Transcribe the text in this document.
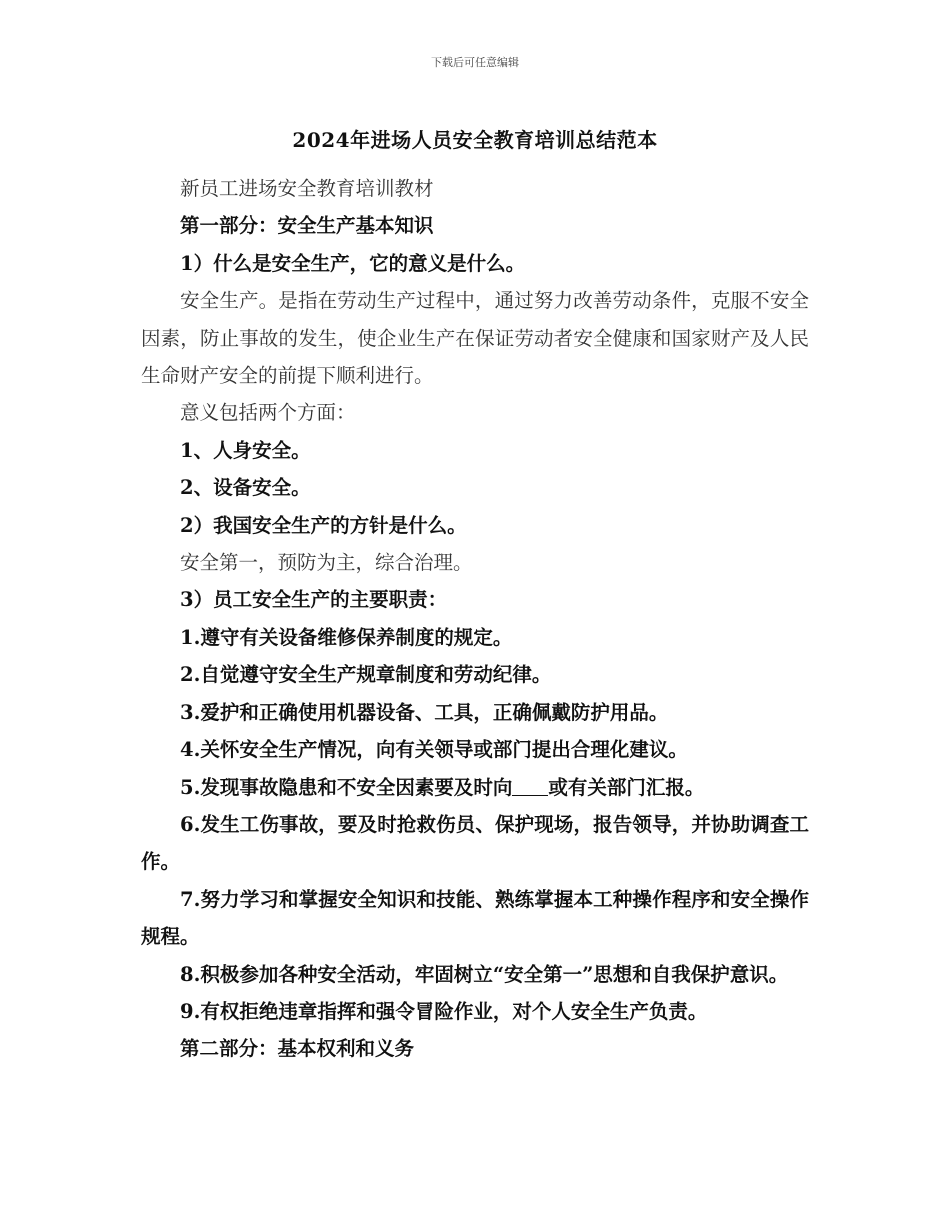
下载后可任意编辑
2024年进场人员安全教育培训总结范本

新员工进场安全教育培训教材

第一部分：安全生产基本知识

1）什么是安全生产，它的意义是什么。

安全生产。是指在劳动生产过程中，通过努力改善劳动条件，克服不安全因素，防止事故的发生，使企业生产在保证劳动者安全健康和国家财产及人民生命财产安全的前提下顺利进行。

意义包括两个方面：

1、人身安全。

2、设备安全。

2）我国安全生产的方针是什么。

安全第一，预防为主，综合治理。

3）员工安全生产的主要职责：

1.遵守有关设备维修保养制度的规定。

2.自觉遵守安全生产规章制度和劳动纪律。

3.爱护和正确使用机器设备、工具，正确佩戴防护用品。

4.关怀安全生产情况，向有关领导或部门提出合理化建议。

5.发现事故隐患和不安全因素要及时向 或有关部门汇报。

6.发生工伤事故，要及时抢救伤员、保护现场，报告领导，并协助调查工作。

7.努力学习和掌握安全知识和技能、熟练掌握本工种操作程序和安全操作规程。

8.积极参加各种安全活动，牢固树立“安全第一”思想和自我保护意识。

9.有权拒绝违章指挥和强令冒险作业，对个人安全生产负责。

第二部分：基本权利和义务
